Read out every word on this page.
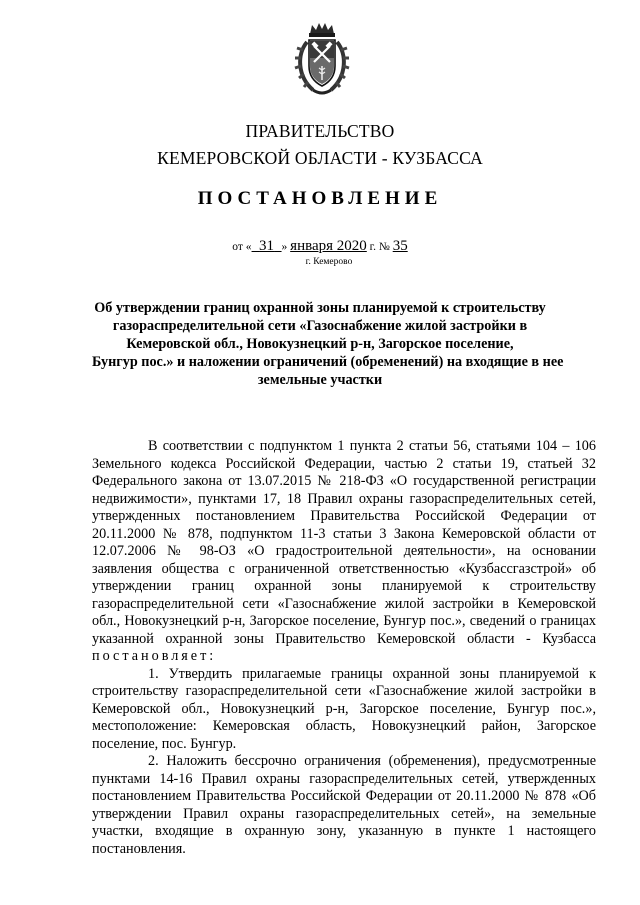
ПРАВИТЕЛЬСТВО
КЕМЕРОВСКОЙ ОБЛАСТИ - КУЗБАССА
ПОСТАНОВЛЕНИЕ
от « 31 » января 2020 г. № 35
г. Кемерово
Об утверждении границ охранной зоны планируемой к строительству
газораспределительной сети «Газоснабжение жилой застройки в
Кемеровской обл., Новокузнецкий р-н, Загорское поселение,
Бунгур пос.» и наложении ограничений (обременений) на входящие в нее
земельные участки

В соответствии с подпунктом 1 пункта 2 статьи 56, статьями 104 – 106 Земельного кодекса Российской Федерации, частью 2 статьи 19, статьей 32 Федерального закона от 13.07.2015 № 218-ФЗ «О государственной регистрации недвижимости», пунктами 17, 18 Правил охраны газораспределительных сетей, утвержденных постановлением Правительства Российской Федерации от 20.11.2000 № 878, подпунктом 11-3 статьи 3 Закона Кемеровской области от 12.07.2006 № 98-ОЗ «О градостроительной деятельности», на основании заявления общества с ограниченной ответственностью «Кузбассгазстрой» об утверждении границ охранной зоны планируемой к строительству газораспределительной сети «Газоснабжение жилой застройки в Кемеровской обл., Новокузнецкий р-н, Загорское поселение, Бунгур пос.», сведений о границах указанной охранной зоны Правительство Кемеровской области - Кузбасса постановляет:

1. Утвердить прилагаемые границы охранной зоны планируемой к строительству газораспределительной сети «Газоснабжение жилой застройки в Кемеровской обл., Новокузнецкий р-н, Загорское поселение, Бунгур пос.», местоположение: Кемеровская область, Новокузнецкий район, Загорское поселение, пос. Бунгур.

2. Наложить бессрочно ограничения (обременения), предусмотренные пунктами 14-16 Правил охраны газораспределительных сетей, утвержденных постановлением Правительства Российской Федерации от 20.11.2000 № 878 «Об утверждении Правил охраны газораспределительных сетей», на земельные участки, входящие в охранную зону, указанную в пункте 1 настоящего постановления.
